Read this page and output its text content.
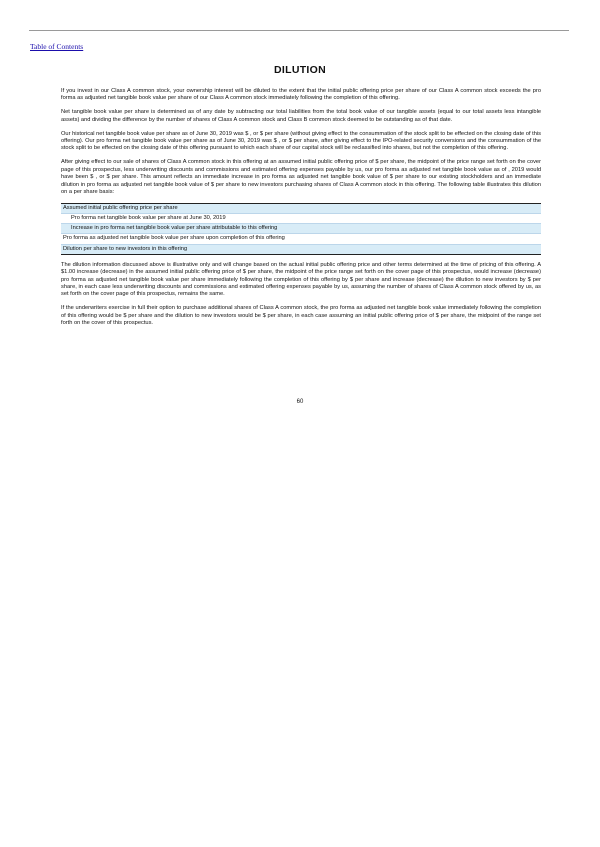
Table of Contents
DILUTION

If you invest in our Class A common stock, your ownership interest will be diluted to the extent that the initial public offering price per share of our Class A common stock exceeds the pro forma as adjusted net tangible book value per share of our Class A common stock immediately following the completion of this offering.

Net tangible book value per share is determined as of any date by subtracting our total liabilities from the total book value of our tangible assets (equal to our total assets less intangible assets) and dividing the difference by the number of shares of Class A common stock and Class B common stock deemed to be outstanding as of that date.

Our historical net tangible book value per share as of June 30, 2019 was $ , or $ per share (without giving effect to the consummation of the stock split to be effected on the closing date of this offering). Our pro forma net tangible book value per share as of June 30, 2019 was $ , or $ per share, after giving effect to the IPO-related security conversions and the consummation of the stock split to be effected on the closing date of this offering pursuant to which each share of our capital stock will be reclassified into shares, but not the completion of this offering.

After giving effect to our sale of shares of Class A common stock in this offering at an assumed initial public offering price of $ per share, the midpoint of the price range set forth on the cover page of this prospectus, less underwriting discounts and commissions and estimated offering expenses payable by us, our pro forma as adjusted net tangible book value as of , 2019 would have been $ , or $ per share. This amount reflects an immediate increase in pro forma as adjusted net tangible book value of $ per share to our existing stockholders and an immediate dilution in pro forma as adjusted net tangible book value of $ per share to new investors purchasing shares of Class A common stock in this offering. The following table illustrates this dilution on a per share basis:

Assumed initial public offering price per share
Pro forma net tangible book value per share at June 30, 2019
Increase in pro forma net tangible book value per share attributable to this offering
Pro forma as adjusted net tangible book value per share upon completion of this offering
Dilution per share to new investors in this offering

The dilution information discussed above is illustrative only and will change based on the actual initial public offering price and other terms determined at the time of pricing of this offering. A $1.00 increase (decrease) in the assumed initial public offering price of $ per share, the midpoint of the price range set forth on the cover page of this prospectus, would increase (decrease) pro forma as adjusted net tangible book value per share immediately following the completion of this offering by $ per share and increase (decrease) the dilution to new investors by $ per share, in each case less underwriting discounts and commissions and estimated offering expenses payable by us, assuming the number of shares of Class A common stock offered by us, as set forth on the cover page of this prospectus, remains the same.

If the underwriters exercise in full their option to purchase additional shares of Class A common stock, the pro forma as adjusted net tangible book value immediately following the completion of this offering would be $ per share and the dilution to new investors would be $ per share, in each case assuming an initial public offering price of $ per share, the midpoint of the range set forth on the cover of this prospectus.

60
